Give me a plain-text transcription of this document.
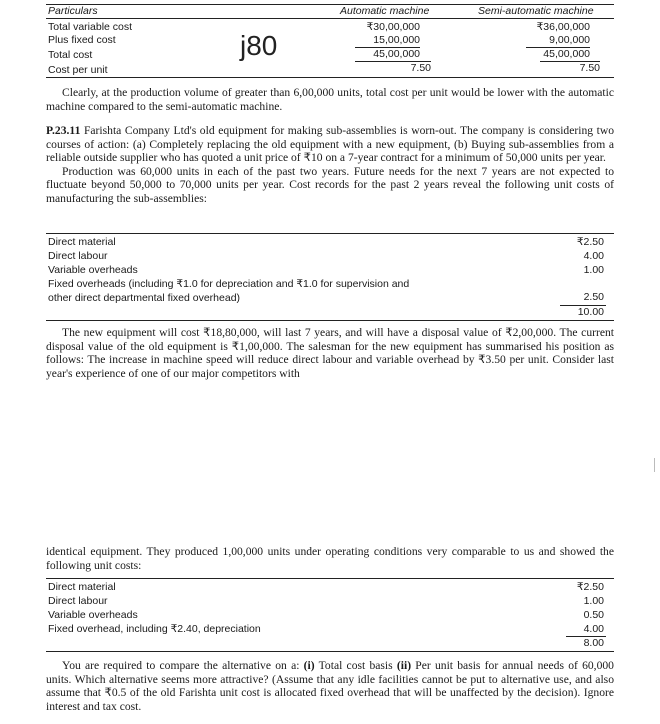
Particulars	Automatic machine	Semi-automatic machine
Total variable cost	₹30,00,000	₹36,00,000
Plus fixed cost	15,00,000	9,00,000
Total cost	45,00,000	45,00,000
Cost per unit	7.50	7.50
j80
Clearly, at the production volume of greater than 6,00,000 units, total cost per unit would be lower with the automatic machine compared to the semi-automatic machine.

P.23.11 Farishta Company Ltd's old equipment for making sub-assemblies is worn-out. The company is considering two courses of action: (a) Completely replacing the old equipment with a new equipment, (b) Buying sub-assemblies from a reliable outside supplier who has quoted a unit price of ₹10 on a 7-year contract for a minimum of 50,000 units per year.

Production was 60,000 units in each of the past two years. Future needs for the next 7 years are not expected to fluctuate beyond 50,000 to 70,000 units per year. Cost records for the past 2 years reveal the following unit costs of manufacturing the sub-assemblies:

Direct material	₹2.50
Direct labour	4.00
Variable overheads	1.00
Fixed overheads (including ₹1.0 for depreciation and ₹1.0 for supervision and
other direct departmental fixed overhead)	2.50
10.00
The new equipment will cost ₹18,80,000, will last 7 years, and will have a disposal value of ₹2,00,000. The current disposal value of the old equipment is ₹1,00,000. The salesman for the new equipment has summarised his position as follows: The increase in machine speed will reduce direct labour and variable overhead by ₹3.50 per unit. Consider last year's experience of one of our major competitors with
identical equipment. They produced 1,00,000 units under operating conditions very comparable to us and showed the following unit costs:
Direct material	₹2.50
Direct labour	1.00
Variable overheads	0.50
Fixed overhead, including ₹2.40, depreciation	4.00
8.00
You are required to compare the alternative on a: (i) Total cost basis (ii) Per unit basis for annual needs of 60,000 units. Which alternative seems more attractive? (Assume that any idle facilities cannot be put to alternative use, and also assume that ₹0.5 of the old Farishta unit cost is allocated fixed overhead that will be unaffected by the decision). Ignore interest and tax cost.
